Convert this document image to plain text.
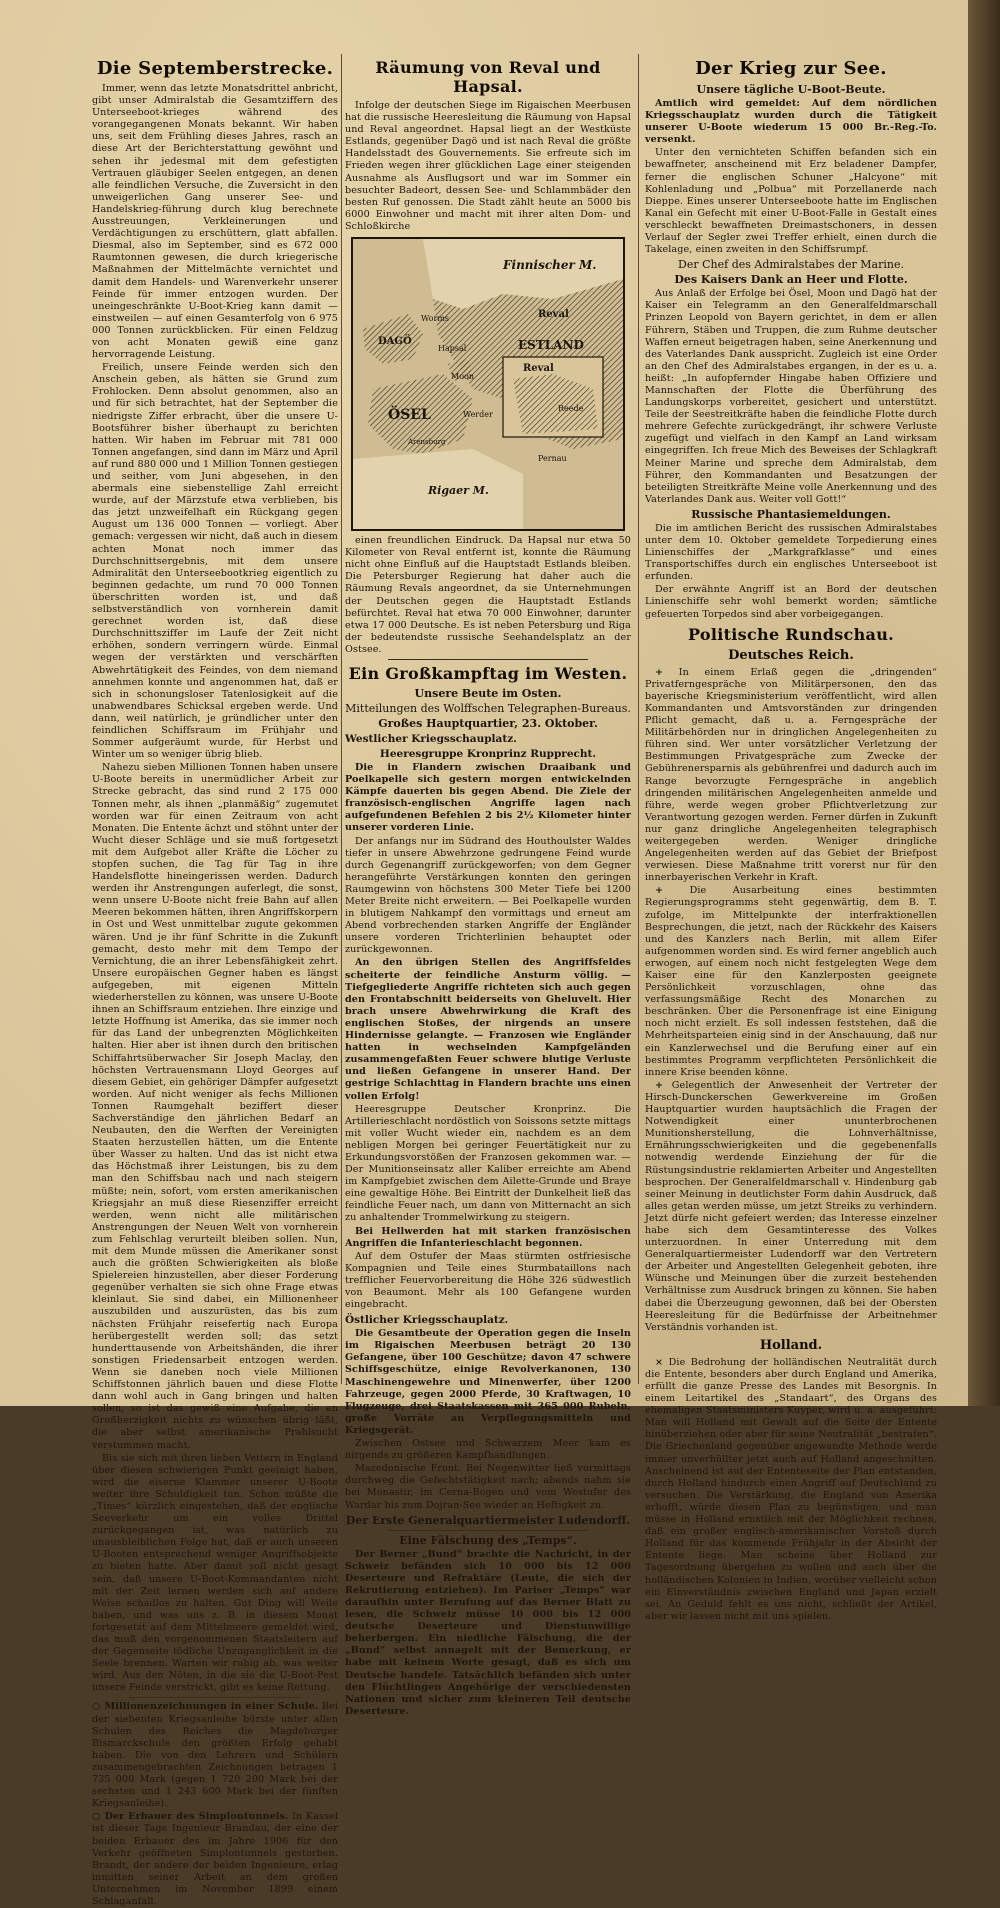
Die Septemberstrecke.

Immer, wenn das letzte Monatsdrittel anbricht, gibt unser Admiralstab die Gesamtziffern des Unterseeboot-krieges während des vorangegangenen Monats bekannt. Wir haben uns, seit dem Frühling dieses Jahres, rasch an diese Art der Berichterstattung gewöhnt und sehen ihr jedesmal mit dem gefestigten Vertrauen gläubiger Seelen entgegen, an denen alle feindlichen Versuche, die Zuversicht in den unweigerlichen Gang unserer See- und Handelskrieg-führung durch klug berechnete Ausstreuungen, Verkleinerungen und Verdächtigungen zu erschüttern, glatt abfallen. Diesmal, also im September, sind es 672 000 Raumtonnen gewesen, die durch kriegerische Maßnahmen der Mittelmächte vernichtet und damit dem Handels- und Warenverkehr unserer Feinde für immer entzogen wurden. Der uneingeschränkte U-Boot-Krieg kann damit — einstweilen — auf einen Gesamterfolg von 6 975 000 Tonnen zurückblicken. Für einen Feldzug von acht Monaten gewiß eine ganz hervorragende Leistung.

Freilich, unsere Feinde werden sich den Anschein geben, als hätten sie Grund zum Frohlocken. Denn absolut genommen, also an und für sich betrachtet, hat der September die niedrigste Ziffer erbracht, über die unsere U-Bootsführer bisher überhaupt zu berichten hatten. Wir haben im Februar mit 781 000 Tonnen angefangen, sind dann im März und April auf rund 880 000 und 1 Million Tonnen gestiegen und seither, vom Juni abgesehen, in den abermals eine siebenstellige Zahl erreicht wurde, auf der Märzstufe etwa verblieben, bis das jetzt unzweifelhaft ein Rückgang gegen August um 136 000 Tonnen — vorliegt. Aber gemach: vergessen wir nicht, daß auch in diesem achten Monat noch immer das Durchschnittsergebnis, mit dem unsere Admiralität den Unterseebootkrieg eigentlich zu beginnen gedachte, um rund 70 000 Tonnen überschritten worden ist, und daß selbstverständlich von vornherein damit gerechnet worden ist, daß diese Durchschnittsziffer im Laufe der Zeit nicht erhöhen, sondern verringern würde. Einmal wegen der verstärkten und verschärften Abwehrtätigkeit des Feindes, von dem niemand annehmen konnte und angenommen hat, daß er sich in schonungsloser Tatenlosigkeit auf die unabwendbares Schicksal ergeben werde. Und dann, weil natürlich, je gründlicher unter den feindlichen Schiffsraum im Frühjahr und Sommer aufgeräumt wurde, für Herbst und Winter um so weniger übrig blieb.

Nahezu sieben Millionen Tonnen haben unsere U-Boote bereits in unermüdlicher Arbeit zur Strecke gebracht, das sind rund 2 175 000 Tonnen mehr, als ihnen „planmäßig“ zugemutet worden war für einen Zeitraum von acht Monaten. Die Entente ächzt und stöhnt unter der Wucht dieser Schläge und sie muß fortgesetzt mit dem Aufgebot aller Kräfte die Löcher zu stopfen suchen, die Tag für Tag in ihre Handelsflotte hineingerissen werden. Dadurch werden ihr Anstrengungen auferlegt, die sonst, wenn unsere U-Boote nicht freie Bahn auf allen Meeren bekommen hätten, ihren Angriffskorpern in Ost und West unmittelbar zugute gekommen wären. Und je ihr fünf Schritte in die Zukunft gemacht, desto mehr mit dem Tempo der Vernichtung, die an ihrer Lebensfähigkeit zehrt. Unsere europäischen Gegner haben es längst aufgegeben, mit eigenen Mitteln wiederherstellen zu können, was unsere U-Boote ihnen an Schiffsraum entziehen. Ihre einzige und letzte Hoffnung ist Amerika, das sie immer noch für das Land der unbegrenzten Möglichkeiten halten. Hier aber ist ihnen durch den britischen Schiffahrtsüberwacher Sir Joseph Maclay, den höchsten Vertrauensmann Lloyd Georges auf diesem Gebiet, ein gehöriger Dämpfer aufgesetzt worden. Auf nicht weniger als fechs Millionen Tonnen Raumgehalt beziffert dieser Sachverständige den jährlichen Bedarf an Neubauten, den die Werften der Vereinigten Staaten herzustellen hätten, um die Entente über Wasser zu halten. Und das ist nicht etwa das Höchstmaß ihrer Leistungen, bis zu dem man den Schiffsbau nach und nach steigern müßte; nein, sofort, vom ersten amerikanischen Kriegsjahr an muß diese Riesenziffer erreicht werden, wenn nicht alle militärischen Anstrengungen der Neuen Welt von vornherein zum Fehlschlag verurteilt bleiben sollen. Nun, mit dem Munde müssen die Amerikaner sonst auch die größten Schwierigkeiten als bloße Spielereien hinzustellen, aber dieser Forderung gegenüber verhalten sie sich ohne Frage etwas kleinlaut. Sie sind dabei, ein Millionenheer auszubilden und auszurüsten, das bis zum nächsten Frühjahr reisefertig nach Europa herübergestellt werden soll; das setzt hunderttausende von Arbeitshänden, die ihrer sonstigen Friedensarbeit entzogen werden. Wenn sie daneben noch viele Millionen Schiffstonnen jährlich bauen und diese Flotte dann wohl auch in Gang bringen und halten sollen, so ist das gewiß eine Aufgabe, die an Großherzigkeit nichts zu wünschen übrig läßt, die aber selbst amerikanische Prahlsucht verstummen macht.

Bis sie sich mit ihren lieben Vettern in England über diesen schwierigen Punkt geeinigt haben, wird die eiserne Klammer unserer U-Boote weiter ihre Schuldigkeit tun. Schon müßte die „Times“ kürzlich eingestehen, daß der englische Seeverkehr um ein volles Drittel zurückgegangen ist, was natürlich zu unausbleiblichen Folge hat, daß er auch unseren U-Booten entsprechend weniger Angriffsobjekte zu bieten hatte. Aber damit soll nicht gesagt sein, daß unsere U-Boot-Kommandanten nicht mit der Zeit lernen werden sich auf andere Weise schadlos zu halten. Gut Ding will Weile haben, und was uns z. B. in diesem Monat fortgesetzt auf dem Mittelmeere gemeldet wird, das muß den vorgenommenen Staatsleitern auf der Gegenseite tödliche Unzuganglichkeit in die Seele brennen. Warten wir ruhig ab, was weiter wird. Aus den Nöten, in die sie die U-Boot-Pest unsere Feinde verstrickt, gibt es keine Rettung.

○ Millionenzeichnungen in einer Schule. Bei der siebenten Kriegsanleihe bürste unter allen Schulen des Reiches die Magdeburger Bismarckschule den größten Erfolg gehabt haben. Die von den Lehrern und Schülern zusammengebrachten Zeichnungen betragen 1 735 000 Mark (gegen 1 720 200 Mark bei der sechsten und 1 243 600 Mark bei der fünften Kriegsanleihe).

○ Der Erbauer des Simplontunnels. In Kassel ist dieser Tage Ingenieur Brandau, der eine der beiden Erbauer des im Jahre 1906 für den Verkehr geöffneten Simplontunnels gestorben. Brandt, der andere der beiden Ingenieure, erlag inmitten seiner Arbeit an dem großen Unternehmen im November 1899 einem Schlaganfall.

Räumung von Reval und Hapsal.

Infolge der deutschen Siege im Rigaischen Meerbusen hat die russische Heeresleitung die Räumung von Hapsal und Reval angeordnet. Hapsal liegt an der Westküste Estlands, gegenüber Dagö und ist nach Reval die größte Handelsstadt des Gouvernements. Sie erfreute sich im Frieden wegen ihrer glücklichen Lage einer steigenden Ausnahme als Ausflugsort und war im Sommer ein besuchter Badeort, dessen See- und Schlammbäder den besten Ruf genossen. Die Stadt zählt heute an 5000 bis 6000 Einwohner und macht mit ihrer alten Dom- und Schloßkirche

Finnischer M.
Reval
ESTLAND
DAGÖ
Worms
Hapsal
Moon
Werder
Reval
Reede
ÖSEL
Rigaer M.
Arensburg
Pernau

einen freundlichen Eindruck. Da Hapsal nur etwa 50 Kilometer von Reval entfernt ist, konnte die Räumung nicht ohne Einfluß auf die Hauptstadt Estlands bleiben. Die Petersburger Regierung hat daher auch die Räumung Revals angeordnet, da sie Unternehmungen der Deutschen gegen die Hauptstadt Estlands befürchtet. Reval hat etwa 70 000 Einwohner, darunter etwa 17 000 Deutsche. Es ist neben Petersburg und Riga der bedeutendste russische Seehandelsplatz an der Ostsee.

Ein Großkampftag im Westen.
Unsere Beute im Osten.
Mitteilungen des Wolffschen Telegraphen-Bureaus.
Großes Hauptquartier, 23. Oktober.
Westlicher Kriegsschauplatz.
Heeresgruppe Kronprinz Rupprecht.

Die in Flandern zwischen Draaibank und Poelkapelle sich gestern morgen entwickelnden Kämpfe dauerten bis gegen Abend. Die Ziele der französisch-englischen Angriffe lagen nach aufgefundenen Befehlen 2 bis 2½ Kilometer hinter unserer vorderen Linie.

Der anfangs nur im Südrand des Houthoulster Waldes tiefer in unsere Abwehrzone gedrungene Feind wurde durch Gegenangriff zurückgeworfen; von dem Gegner herangeführte Verstärkungen konnten den geringen Raumgewinn von höchstens 300 Meter Tiefe bei 1200 Meter Breite nicht erweitern. — Bei Poelkapelle wurden in blutigem Nahkampf den vormittags und erneut am Abend vorbrechenden starken Angriffe der Engländer unsere vorderen Trichterlinien behauptet oder zurückgewonnen.

An den übrigen Stellen des Angriffsfeldes scheiterte der feindliche Ansturm völlig. — Tiefgegliederte Angriffe richteten sich auch gegen den Frontabschnitt beiderseits von Gheluvelt. Hier brach unsere Abwehrwirkung die Kraft des englischen Stoßes, der nirgends an unsere Hindernisse gelangte. — Franzosen wie Engländer hatten in wechselnden Kampfgeländen zusammengefaßten Feuer schwere blutige Verluste und ließen Gefangene in unserer Hand. Der gestrige Schlachttag in Flandern brachte uns einen vollen Erfolg!

Heeresgruppe Deutscher Kronprinz. Die Artillerieschlacht nordöstlich von Soissons setzte mittags mit voller Wucht wieder ein, nachdem es an dem nebligen Morgen bei geringer Feuertätigkeit nur zu Erkundungsvorstößen der Franzosen gekommen war. — Der Munitionseinsatz aller Kaliber erreichte am Abend im Kampfgebiet zwischen dem Ailette-Grunde und Braye eine gewaltige Höhe. Bei Eintritt der Dunkelheit ließ das feindliche Feuer nach, um dann von Mitternacht an sich zu anhaltender Trommelwirkung zu steigern.

Bei Hellwerden hat mit starken französischen Angriffen die Infanterieschlacht begonnen.

Auf dem Ostufer der Maas stürmten ostfriesische Kompagnien und Teile eines Sturmbataillons nach trefflicher Feuervorbereitung die Höhe 326 südwestlich von Beaumont. Mehr als 100 Gefangene wurden eingebracht.

Östlicher Kriegsschauplatz.

Die Gesamtbeute der Operation gegen die Inseln im Rigaischen Meerbusen beträgt 20 130 Gefangene, über 100 Geschütze; davon 47 schwere Schiffsgeschütze, einige Revolverkanonen, 130 Maschinengewehre und Minenwerfer, über 1200 Fahrzeuge, gegen 2000 Pferde, 30 Kraftwagen, 10 Flugzeuge, drei Staatskassen mit 365 000 Rubeln, große Vorräte an Verpflegungsmitteln und Kriegsgerät.

Zwischen Ostsee und Schwarzem Meer kam es nirgends zu größeren Kampfhandlungen.

Mazedonische Front. Bei Negenwitter ließ vormittags durchweg die Gefechtstätigkeit nach; abends nahm sie bei Monastir, im Cerna-Bogen und vom Westufer des Wardar bis zum Dojran-See wieder an Heftigkeit zu.

Der Erste Generalquartiermeister Ludendorff.
Eine Fälschung des „Temps“.

Der Berner „Bund“ brachte die Nachricht, in der Schweiz befänden sich 10 000 bis 12 000 Deserteure und Refraktäre (Leute, die sich der Rekrutierung entziehen). Im Pariser „Temps“ war daraufhin unter Berufung auf das Berner Blatt zu lesen, die Schweiz müsse 10 000 bis 12 000 deutsche Deserteure und Dienstunwillige beherbergen. Ein niedliche Fälschung, die der „Bund“ selbst annagelt mit der Bemerkung, er habe mit keinem Worte gesagt, daß es sich um Deutsche handele. Tatsächlich befänden sich unter den Flüchtlingen Angehörige der verschiedensten Nationen und sicher zum kleineren Teil deutsche Deserteure.

Der Krieg zur See.
Unsere tägliche U-Boot-Beute.

Amtlich wird gemeldet: Auf dem nördlichen Kriegsschauplatz wurden durch die Tätigkeit unserer U-Boote wiederum 15 000 Br.-Reg.-To. versenkt.

Unter den vernichteten Schiffen befanden sich ein bewaffneter, anscheinend mit Erz beladener Dampfer, ferner die englischen Schuner „Halcyone“ mit Kohlenladung und „Polbua“ mit Porzellanerde nach Dieppe. Eines unserer Unterseeboote hatte im Englischen Kanal ein Gefecht mit einer U-Boot-Falle in Gestalt eines verschleckt bewaffneten Dreimastschoners, in dessen Verlauf der Segler zwei Treffer erhielt, einen durch die Takelage, einen zweiten in den Schiffsrumpf.

Der Chef des Admiralstabes der Marine.
Des Kaisers Dank an Heer und Flotte.

Aus Anlaß der Erfolge bei Ösel, Moon und Dagö hat der Kaiser ein Telegramm an den Generalfeldmarschall Prinzen Leopold von Bayern gerichtet, in dem er allen Führern, Stäben und Truppen, die zum Ruhme deutscher Waffen erneut beigetragen haben, seine Anerkennung und des Vaterlandes Dank ausspricht. Zugleich ist eine Order an den Chef des Admiralstabes ergangen, in der es u. a. heißt: „In aufopfernder Hingabe haben Offiziere und Mannschaften der Flotte die Überführung des Landungskorps vorbereitet, gesichert und unterstützt. Teile der Seestreitkräfte haben die feindliche Flotte durch mehrere Gefechte zurückgedrängt, ihr schwere Verluste zugefügt und vielfach in den Kampf an Land wirksam eingegriffen. Ich freue Mich des Beweises der Schlagkraft Meiner Marine und spreche dem Admiralstab, dem Führer, den Kommandanten und Besatzungen der beteiligten Streitkräfte Meine volle Anerkennung und des Vaterlandes Dank aus. Weiter voll Gott!“

Russische Phantasiemeldungen.

Die im amtlichen Bericht des russischen Admiralstabes unter dem 10. Oktober gemeldete Torpedierung eines Linienschiffes der „Markgrafklasse“ und eines Transportschiffes durch ein englisches Unterseeboot ist erfunden.

Der erwähnte Angriff ist an Bord der deutschen Linienschiffe sehr wohl bemerkt worden; sämtliche gefeuerten Torpedos sind aber vorbeigegangen.

Politische Rundschau.
Deutsches Reich.

+ In einem Erlaß gegen die „dringenden“ Privatferngespräche von Militärpersonen, den das bayerische Kriegsministerium veröffentlicht, wird allen Kommandanten und Amtsvorständen zur dringenden Pflicht gemacht, daß u. a. Ferngespräche der Militärbehörden nur in dringlichen Angelegenheiten zu führen sind. Wer unter vorsätzlicher Verletzung der Bestimmungen Privatgespräche zum Zwecke der Gebührenersparnis als gebührenfrei und dadurch auch im Range bevorzugte Ferngespräche in angeblich dringenden militärischen Angelegenheiten anmelde und führe, werde wegen grober Pflichtverletzung zur Verantwortung gezogen werden. Ferner dürfen in Zukunft nur ganz dringliche Angelegenheiten telegraphisch weitergegeben werden. Weniger dringliche Angelegenheiten werden auf das Gebiet der Briefpost verwiesen. Diese Maßnahme tritt vorerst nur für den innerbayerischen Verkehr in Kraft.

+	Die Ausarbeitung eines bestimmten Regierungsprogramms steht gegenwärtig, dem B. T. zufolge, im Mittelpunkte der interfraktionellen Besprechungen, die jetzt, nach der Rückkehr des Kaisers und des Kanzlers nach Berlin, mit allem Eifer aufgenommen worden sind. Es wird ferner angeblich auch erwogen, auf einem noch nicht festgelegten Wege dem Kaiser eine für den Kanzlerposten geeignete Persönlichkeit vorzuschlagen, ohne das verfassungsmäßige Recht des Monarchen zu beschränken. Über die Personenfrage ist eine Einigung noch nicht erzielt. Es soll indessen feststehen, daß die Mehrheitsparteien einig sind in der Anschauung, daß nur ein Kanzlerwechsel und die Berufung einer auf ein bestimmtes Programm verpflichteten Persönlichkeit die innere Krise beenden könne.

+ Gelegentlich der Anwesenheit der Vertreter der Hirsch-Dunckerschen Gewerkvereine im Großen Hauptquartier wurden hauptsächlich die Fragen der Notwendigkeit einer ununterbrochenen Munitionsherstellung, die Lohnverhältnisse, Ernährungsschwierigkeiten und die gegebenenfalls notwendig werdende Einziehung der für die Rüstungsindustrie reklamierten Arbeiter und Angestellten besprochen. Der Generalfeldmarschall v. Hindenburg gab seiner Meinung in deutlichster Form dahin Ausdruck, daß alles getan werden müsse, um jetzt Streiks zu verhindern. Jetzt dürfe nicht gefeiert werden; das Interesse einzelner habe sich dem Gesamtinteresse des Volkes unterzuordnen. In einer Unterredung mit dem Generalquartiermeister Ludendorff war den Vertretern der Arbeiter und Angestellten Gelegenheit geboten, ihre Wünsche und Meinungen über die zurzeit bestehenden Verhältnisse zum Ausdruck bringen zu können. Sie haben dabei die Überzeugung gewonnen, daß bei der Obersten Heeresleitung für die Bedürfnisse der Arbeitnehmer Verständnis vorhanden ist.

Holland.

× Die Bedrohung der holländischen Neutralität durch die Entente, besonders aber durch England und Amerika, erfüllt die ganze Presse des Landes mit Besorgnis. In einem Leitartikel des „Standaart“, des Organs des ehemaligen Staatsministers Kuyper, wird u. a. ausgeführt: Man will Holland mit Gewalt auf die Seite der Entente hinüberziehen oder aber für seine Neutralität „bestrafen“. Die Griechenland gegenüber angewandte Methode werde immer unverhüllter jetzt auch auf Holland angeschnitten. Anscheinend ist auf der Ententeseite der Plan entstanden, durch Holland hindurch einen Angriff auf Deutschland zu versuchen. Die Verstärkung, die England von Amerika erhofft, würde diesen Plan zu begünstigen, und man müsse in Holland ernstlich mit der Möglichkeit rechnen, daß ein großer englisch-amerikanischer Vorstoß durch Holland für das kommende Frühjahr in der Absicht der Entente liege. Man scheine über Holland zur Tagesordnung übergehen zu wollen und auch über die holländischen Kolonien in Indien, worüber vielleicht schon ein Einverständnis zwischen England und Japan erzielt sei. An Geduld fehlt es uns nicht, schließt der Artikel, aber wir lassen nicht mit uns spielen.
